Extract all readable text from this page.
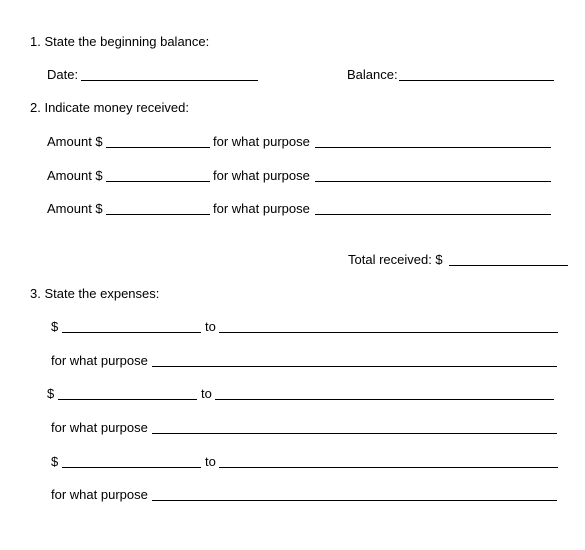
1. State the beginning balance:
Date:	Balance:
2. Indicate money received:
Amount $	for what purpose
Amount $	for what purpose
Amount $	for what purpose
Total received: $
3. State the expenses:
$	to
for what purpose
$	to
for what purpose
$	to
for what purpose
